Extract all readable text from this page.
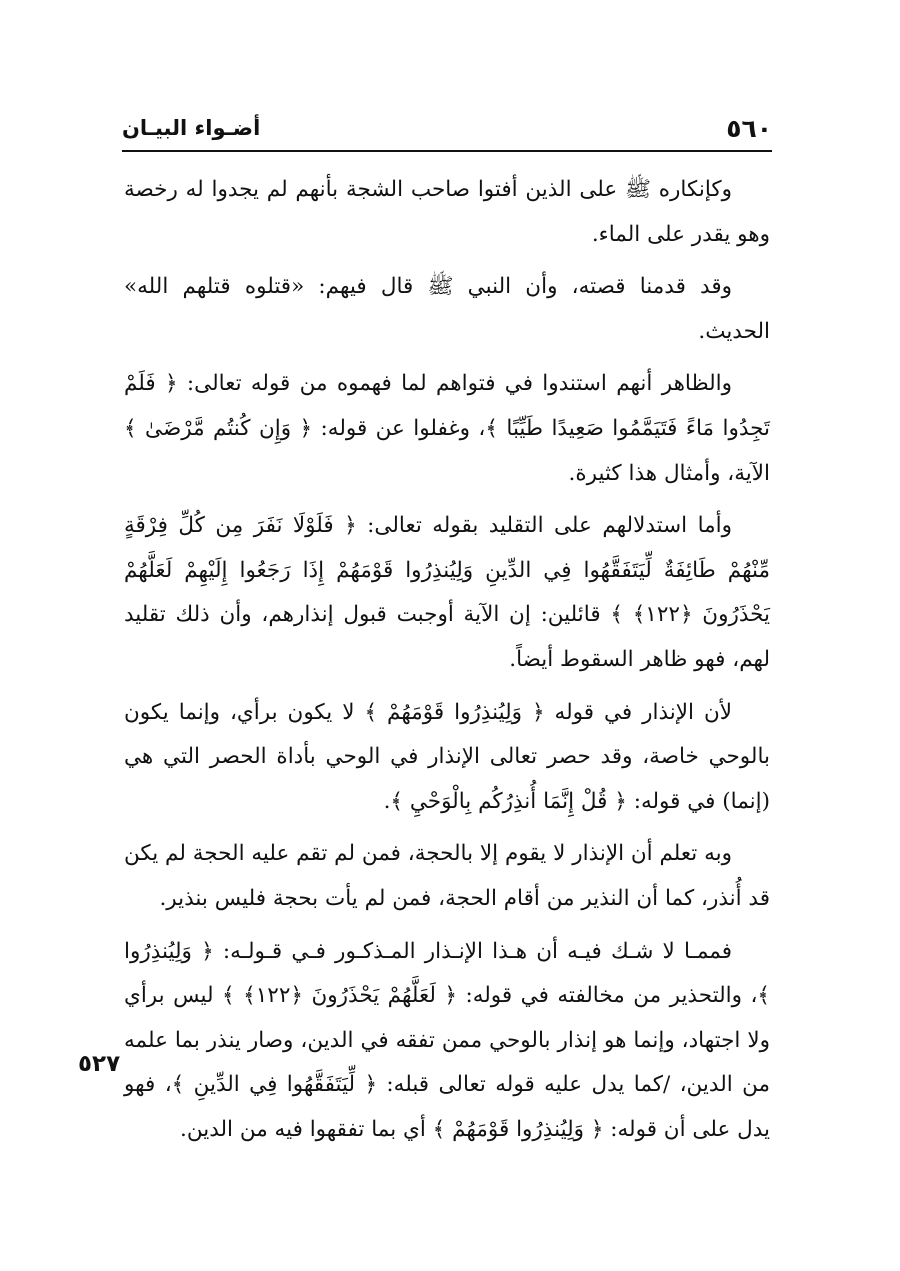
٥٦٠
أضـواء البيـان

وكإنكاره ﷺ على الذين أفتوا صاحب الشجة بأنهم لم يجدوا له رخصة وهو يقدر على الماء.

وقد قدمنا قصته، وأن النبي ﷺ قال فيهم: «قتلوه قتلهم الله» الحديث.

والظاهر أنهم استندوا في فتواهم لما فهموه من قوله تعالى: ﴿ فَلَمْ تَجِدُوا مَاءً فَتَيَمَّمُوا صَعِيدًا طَيِّبًا ﴾، وغفلوا عن قوله: ﴿ وَإِن كُنتُم مَّرْضَىٰ ﴾ الآية، وأمثال هذا كثيرة.

وأما استدلالهم على التقليد بقوله تعالى: ﴿ فَلَوْلَا نَفَرَ مِن كُلِّ فِرْقَةٍ مِّنْهُمْ طَائِفَةٌ لِّيَتَفَقَّهُوا فِي الدِّينِ وَلِيُنذِرُوا قَوْمَهُمْ إِذَا رَجَعُوا إِلَيْهِمْ لَعَلَّهُمْ يَحْذَرُونَ ﴿١٢٢﴾ ﴾ قائلين: إن الآية أوجبت قبول إنذارهم، وأن ذلك تقليد لهم، فهو ظاهر السقوط أيضاً.

لأن الإنذار في قوله ﴿ وَلِيُنذِرُوا قَوْمَهُمْ ﴾ لا يكون برأي، وإنما يكون بالوحي خاصة، وقد حصر تعالى الإنذار في الوحي بأداة الحصر التي هي (إنما) في قوله: ﴿ قُلْ إِنَّمَا أُنذِرُكُم بِالْوَحْيِ ﴾.

وبه تعلم أن الإنذار لا يقوم إلا بالحجة، فمن لم تقم عليه الحجة لم يكن قد أُنذر، كما أن النذير من أقام الحجة، فمن لم يأت بحجة فليس بنذير.

فممـا لا شـك فيـه أن هـذا الإنـذار المـذكـور فـي قـولـه: ﴿ وَلِيُنذِرُوا ﴾، والتحذير من مخالفته في قوله: ﴿ لَعَلَّهُمْ يَحْذَرُونَ ﴿١٢٢﴾ ﴾ ليس برأي ولا اجتهاد، وإنما هو إنذار بالوحي ممن تفقه في الدين، وصار ينذر بما علمه من الدين، /كما يدل عليه قوله تعالى قبله: ﴿ لِّيَتَفَقَّهُوا فِي الدِّينِ ﴾، فهو يدل على أن قوله: ﴿ وَلِيُنذِرُوا قَوْمَهُمْ ﴾ أي بما تفقهوا فيه من الدين.

٥٢٧
